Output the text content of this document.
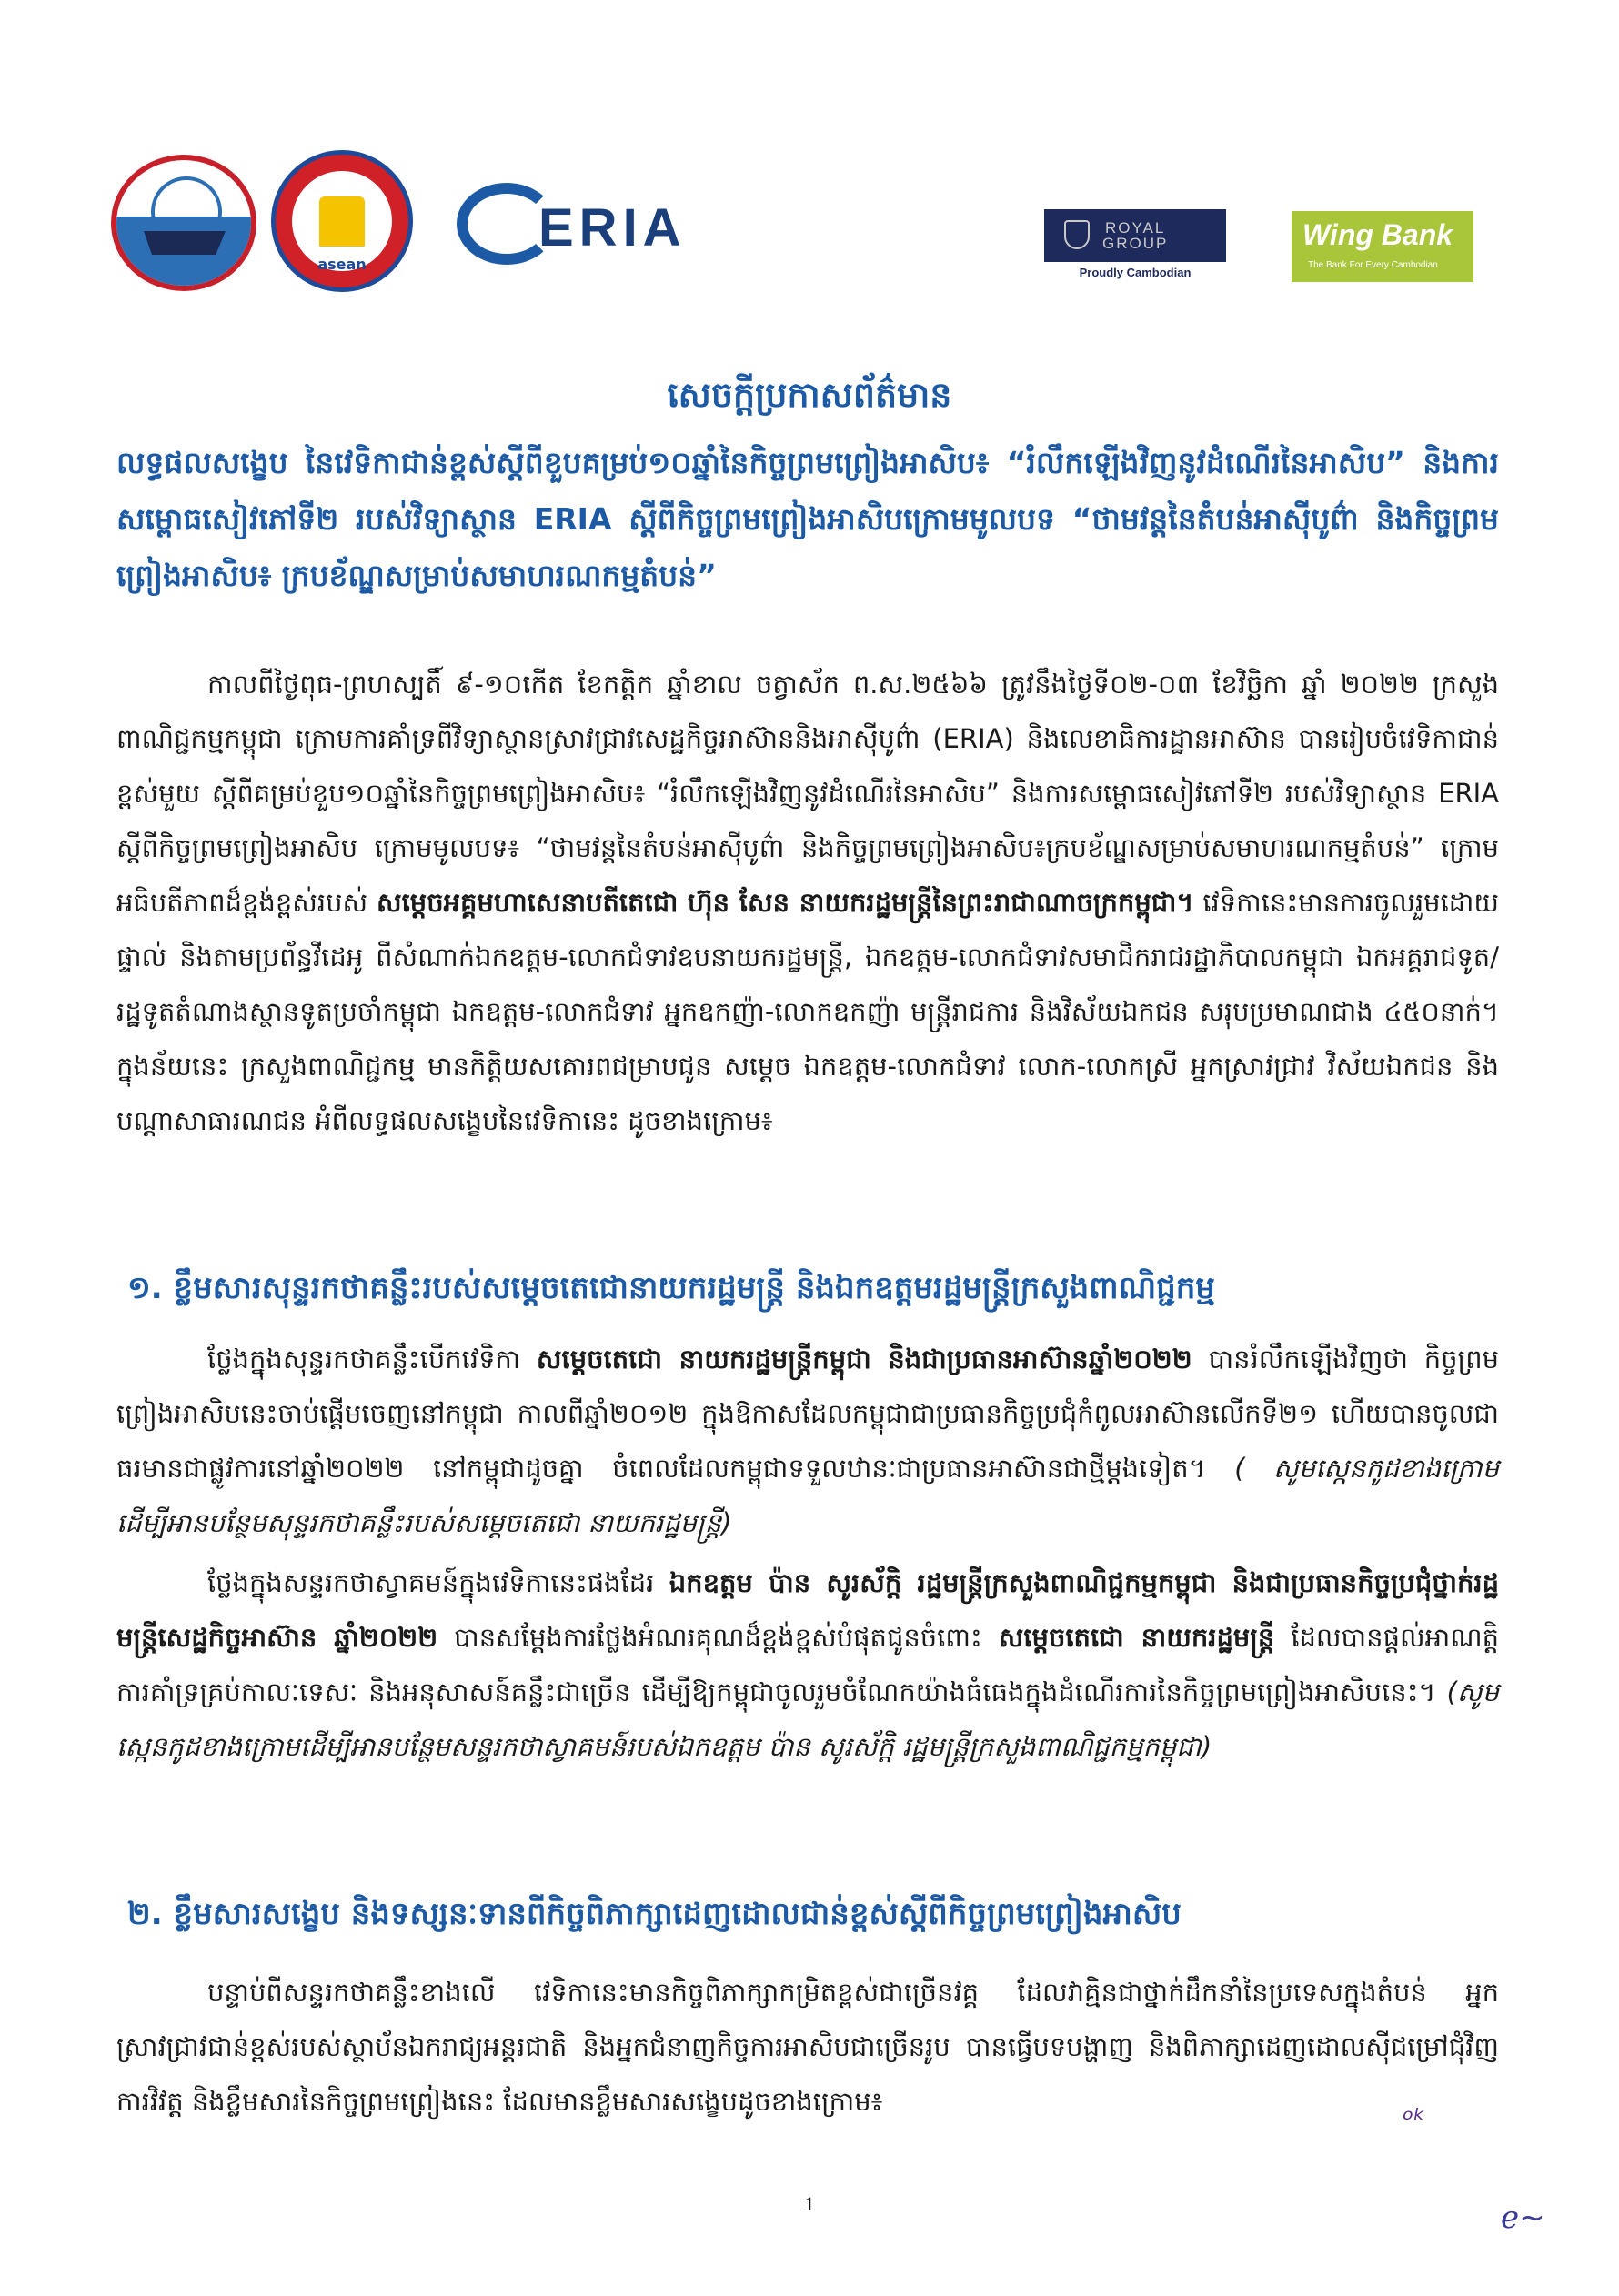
asean
ERIA	ROYAL
GROUP
Proudly Cambodian
Wing Bank
The Bank For Every Cambodian
សេចក្តីប្រកាសព័ត៌មាន
លទ្ធផលសង្ខេប នៃវេទិកាជាន់ខ្ពស់ស្តីពីខួបគម្រប់១០ឆ្នាំនៃកិច្ចព្រមព្រៀងអាសិប៖ “រំលឹកឡើងវិញនូវដំណើរនៃអាសិប” និងការសម្ពោធសៀវភៅទី២ របស់វិទ្យាស្ថាន ERIA ស្តីពីកិច្ចព្រមព្រៀងអាសិបក្រោមមូលបទ “ថាមវន្តនៃតំបន់អាស៊ីបូព៌ា និងកិច្ចព្រមព្រៀងអាសិប៖ ក្របខ័ណ្ឌសម្រាប់សមាហរណកម្មតំបន់”
កាលពីថ្ងៃពុធ-ព្រហស្បតិ៍ ៩-១០កើត ខែកត្តិក ឆ្នាំខាល ចត្វាស័ក ព.ស.២៥៦៦ ត្រូវនឹងថ្ងៃទី០២-០៣ ខែវិច្ឆិកា ឆ្នាំ ២០២២ ក្រសួងពាណិជ្ជកម្មកម្ពុជា ក្រោមការគាំទ្រពីវិទ្យាស្ថានស្រាវជ្រាវសេដ្ឋកិច្ចអាស៊ាននិងអាស៊ីបូព៌ា (ERIA) និងលេខាធិការដ្ឋានអាស៊ាន បានរៀបចំវេទិកាជាន់ខ្ពស់មួយ ស្តីពីគម្រប់ខួប១០ឆ្នាំនៃកិច្ចព្រមព្រៀងអាសិប៖ “រំលឹកឡើងវិញនូវដំណើរនៃអាសិប” និងការសម្ពោធសៀវភៅទី២ របស់វិទ្យាស្ថាន ERIA ស្តីពីកិច្ចព្រមព្រៀងអាសិប ក្រោមមូលបទ៖ “ថាមវន្តនៃតំបន់អាស៊ីបូព៌ា និងកិច្ចព្រមព្រៀងអាសិប៖ក្របខ័ណ្ឌសម្រាប់សមាហរណកម្មតំបន់” ក្រោមអធិបតីភាពដ៏ខ្ពង់ខ្ពស់របស់ សម្តេចអគ្គមហាសេនាបតីតេជោ ហ៊ុន សែន នាយករដ្ឋមន្ត្រីនៃព្រះរាជាណាចក្រកម្ពុជា។ វេទិកានេះមានការចូលរួមដោយផ្ទាល់ និងតាមប្រព័ន្ធវីដេអូ ពីសំណាក់ឯកឧត្តម-លោកជំទាវឧបនាយករដ្ឋមន្ត្រី, ឯកឧត្តម-លោកជំទាវសមាជិករាជរដ្ឋាភិបាលកម្ពុជា ឯកអគ្គរាជទូត/រដ្ឋទូតតំណាងស្ថានទូតប្រចាំកម្ពុជា ឯកឧត្តម-លោកជំទាវ អ្នកឧកញ៉ា-លោកឧកញ៉ា មន្ត្រីរាជការ និងវិស័យឯកជន សរុបប្រមាណជាង ៤៥០នាក់។ ក្នុងន័យនេះ ក្រសួងពាណិជ្ជកម្ម មានកិត្តិយសគោរពជម្រាបជូន សម្តេច ឯកឧត្តម-លោកជំទាវ លោក-លោកស្រី អ្នកស្រាវជ្រាវ វិស័យឯកជន និងបណ្តាសាធារណជន អំពីលទ្ធផលសង្ខេបនៃវេទិកានេះ ដូចខាងក្រោម៖
១. ខ្លឹមសារសុន្ទរកថាគន្លឹះរបស់សម្តេចតេជោនាយករដ្ឋមន្ត្រី និងឯកឧត្តមរដ្ឋមន្ត្រីក្រសួងពាណិជ្ជកម្ម
ថ្លែងក្នុងសុន្ទរកថាគន្លឹះបើកវេទិកា សម្តេចតេជោ នាយករដ្ឋមន្ត្រីកម្ពុជា និងជាប្រធានអាស៊ានឆ្នាំ២០២២ បានរំលឹកឡើងវិញថា កិច្ចព្រមព្រៀងអាសិបនេះចាប់ផ្តើមចេញនៅកម្ពុជា កាលពីឆ្នាំ២០១២ ក្នុងឱកាសដែលកម្ពុជាជាប្រធានកិច្ចប្រជុំកំពូលអាស៊ានលើកទី២១ ហើយបានចូលជាធរមានជាផ្លូវការនៅឆ្នាំ២០២២ នៅកម្ពុជាដូចគ្នា ចំពេលដែលកម្ពុជាទទួលឋានៈជាប្រធានអាស៊ានជាថ្មីម្តងទៀត។ ( សូមស្កេនកូដខាងក្រោមដើម្បីអានបន្ថែមសុន្ទរកថាគន្លឹះរបស់សម្តេចតេជោ នាយករដ្ឋមន្ត្រី)
ថ្លែងក្នុងសន្ទរកថាស្វាគមន៍ក្នុងវេទិកានេះផងដែរ ឯកឧត្តម ប៉ាន សូរស័ក្តិ រដ្ឋមន្ត្រីក្រសួងពាណិជ្ជកម្មកម្ពុជា និងជាប្រធានកិច្ចប្រជុំថ្នាក់រដ្ឋមន្ត្រីសេដ្ឋកិច្ចអាស៊ាន ឆ្នាំ២០២២ បានសម្តែងការថ្លែងអំណរគុណដ៏ខ្ពង់ខ្ពស់បំផុតជូនចំពោះ សម្តេចតេជោ នាយករដ្ឋមន្ត្រី ដែលបានផ្តល់អាណត្តិ ការគាំទ្រគ្រប់កាលៈទេសៈ និងអនុសាសន៍គន្លឹះជាច្រើន ដើម្បីឱ្យកម្ពុជាចូលរួមចំណែកយ៉ាងធំធេងក្នុងដំណើរការនៃកិច្ចព្រមព្រៀងអាសិបនេះ។ (សូមស្កេនកូដខាងក្រោមដើម្បីអានបន្ថែមសន្ទរកថាស្វាគមន៍របស់ឯកឧត្តម ប៉ាន សូរស័ក្តិ រដ្ឋមន្ត្រីក្រសួងពាណិជ្ជកម្មកម្ពុជា)
២. ខ្លឹមសារសង្ខេប និងទស្សនៈទានពីកិច្ចពិភាក្សាដេញដោលជាន់ខ្ពស់ស្តីពីកិច្ចព្រមព្រៀងអាសិប
បន្ទាប់ពីសន្ទរកថាគន្លឹះខាងលើ វេទិកានេះមានកិច្ចពិភាក្សាកម្រិតខ្ពស់ជាច្រើនវគ្គ ដែលវាគ្មិនជាថ្នាក់ដឹកនាំនៃប្រទេសក្នុងតំបន់ អ្នកស្រាវជ្រាវជាន់ខ្ពស់របស់ស្ថាប័នឯករាជ្យអន្តរជាតិ និងអ្នកជំនាញកិច្ចការអាសិបជាច្រើនរូប បានធ្វើបទបង្ហាញ និងពិភាក្សាដេញដោលស៊ីជម្រៅជុំវិញការវិវត្ត និងខ្លឹមសារនៃកិច្ចព្រមព្រៀងនេះ ដែលមានខ្លឹមសារសង្ខេបដូចខាងក្រោម៖
ᵒᵏ
1	ℯ~
